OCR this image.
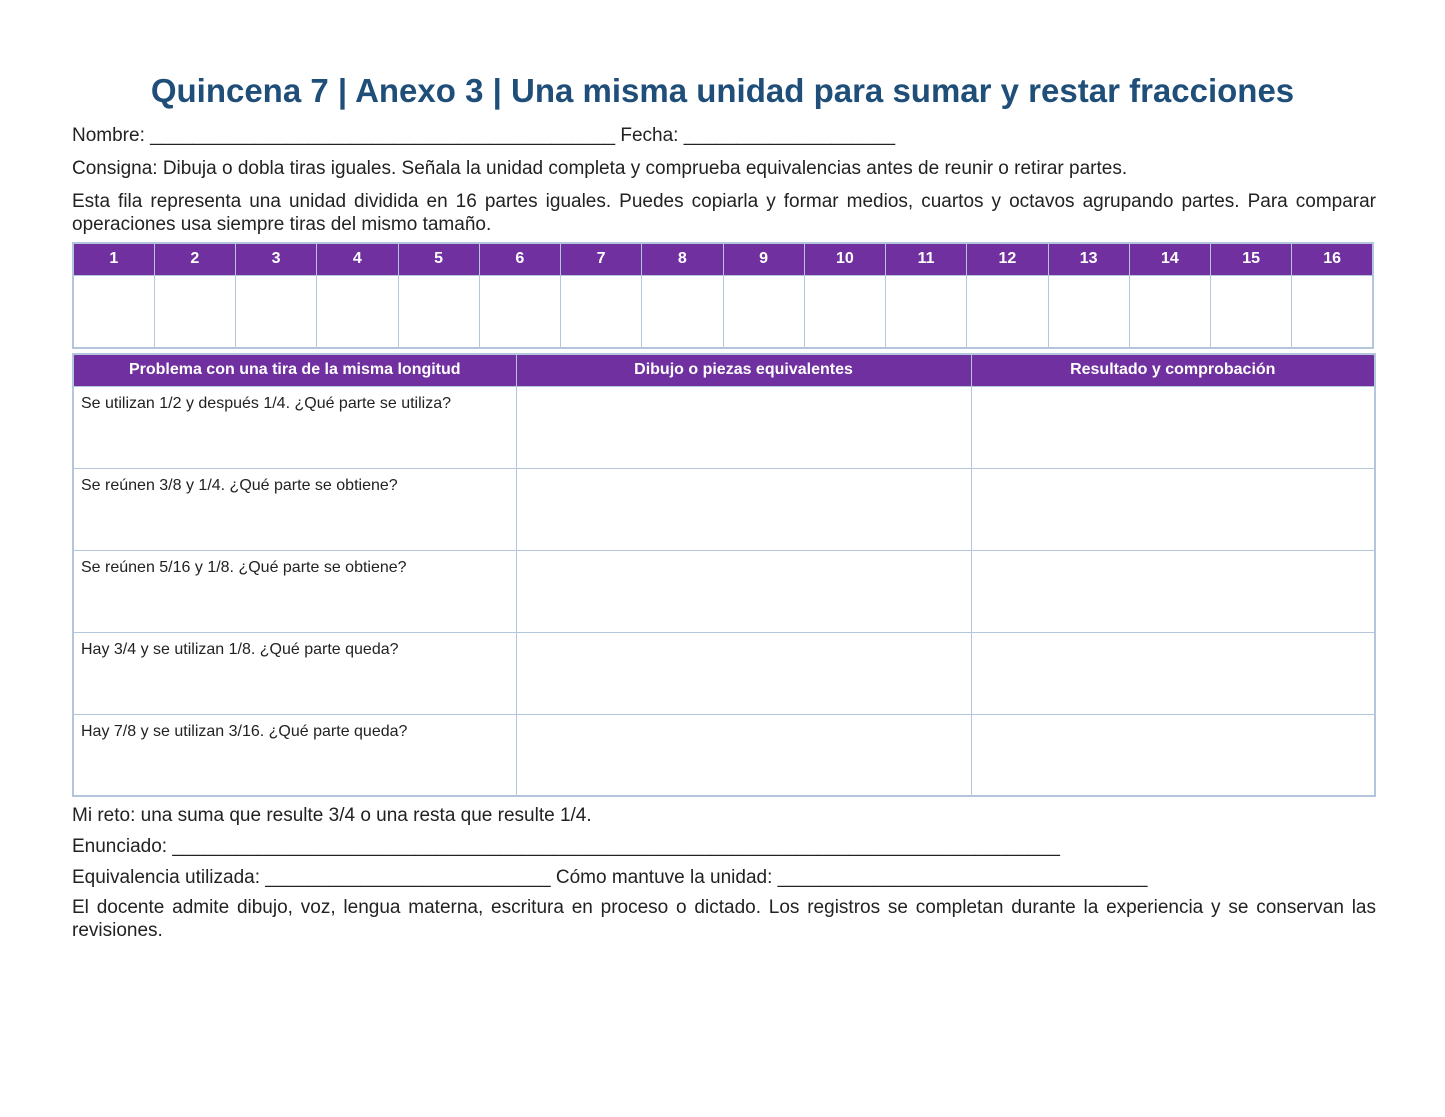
Quincena 7 | Anexo 3 | Una misma unidad para sumar y restar fracciones
Nombre: ____________________________________________ Fecha: ____________________
Consigna: Dibuja o dobla tiras iguales. Señala la unidad completa y comprueba equivalencias antes de reunir o retirar partes.
Esta fila representa una unidad dividida en 16 partes iguales. Puedes copiarla y formar medios, cuartos y octavos agrupando partes. Para comparar operaciones usa siempre tiras del mismo tamaño.
1	2	3	4	5	6	7	8	9	10	11	12	13	14	15	16

Problema con una tira de la misma longitud	Dibujo o piezas equivalentes	Resultado y comprobación
Se utilizan 1/2 y después 1/4. ¿Qué parte se utiliza?		
Se reúnen 3/8 y 1/4. ¿Qué parte se obtiene?		
Se reúnen 5/16 y 1/8. ¿Qué parte se obtiene?		
Hay 3/4 y se utilizan 1/8. ¿Qué parte queda?		
Hay 7/8 y se utilizan 3/16. ¿Qué parte queda?		
Mi reto: una suma que resulte 3/4 o una resta que resulte 1/4.
Enunciado: ____________________________________________________________________________________
Equivalencia utilizada: ___________________________ Cómo mantuve la unidad: ___________________________________
El docente admite dibujo, voz, lengua materna, escritura en proceso o dictado. Los registros se completan durante la experiencia y se conservan las revisiones.
